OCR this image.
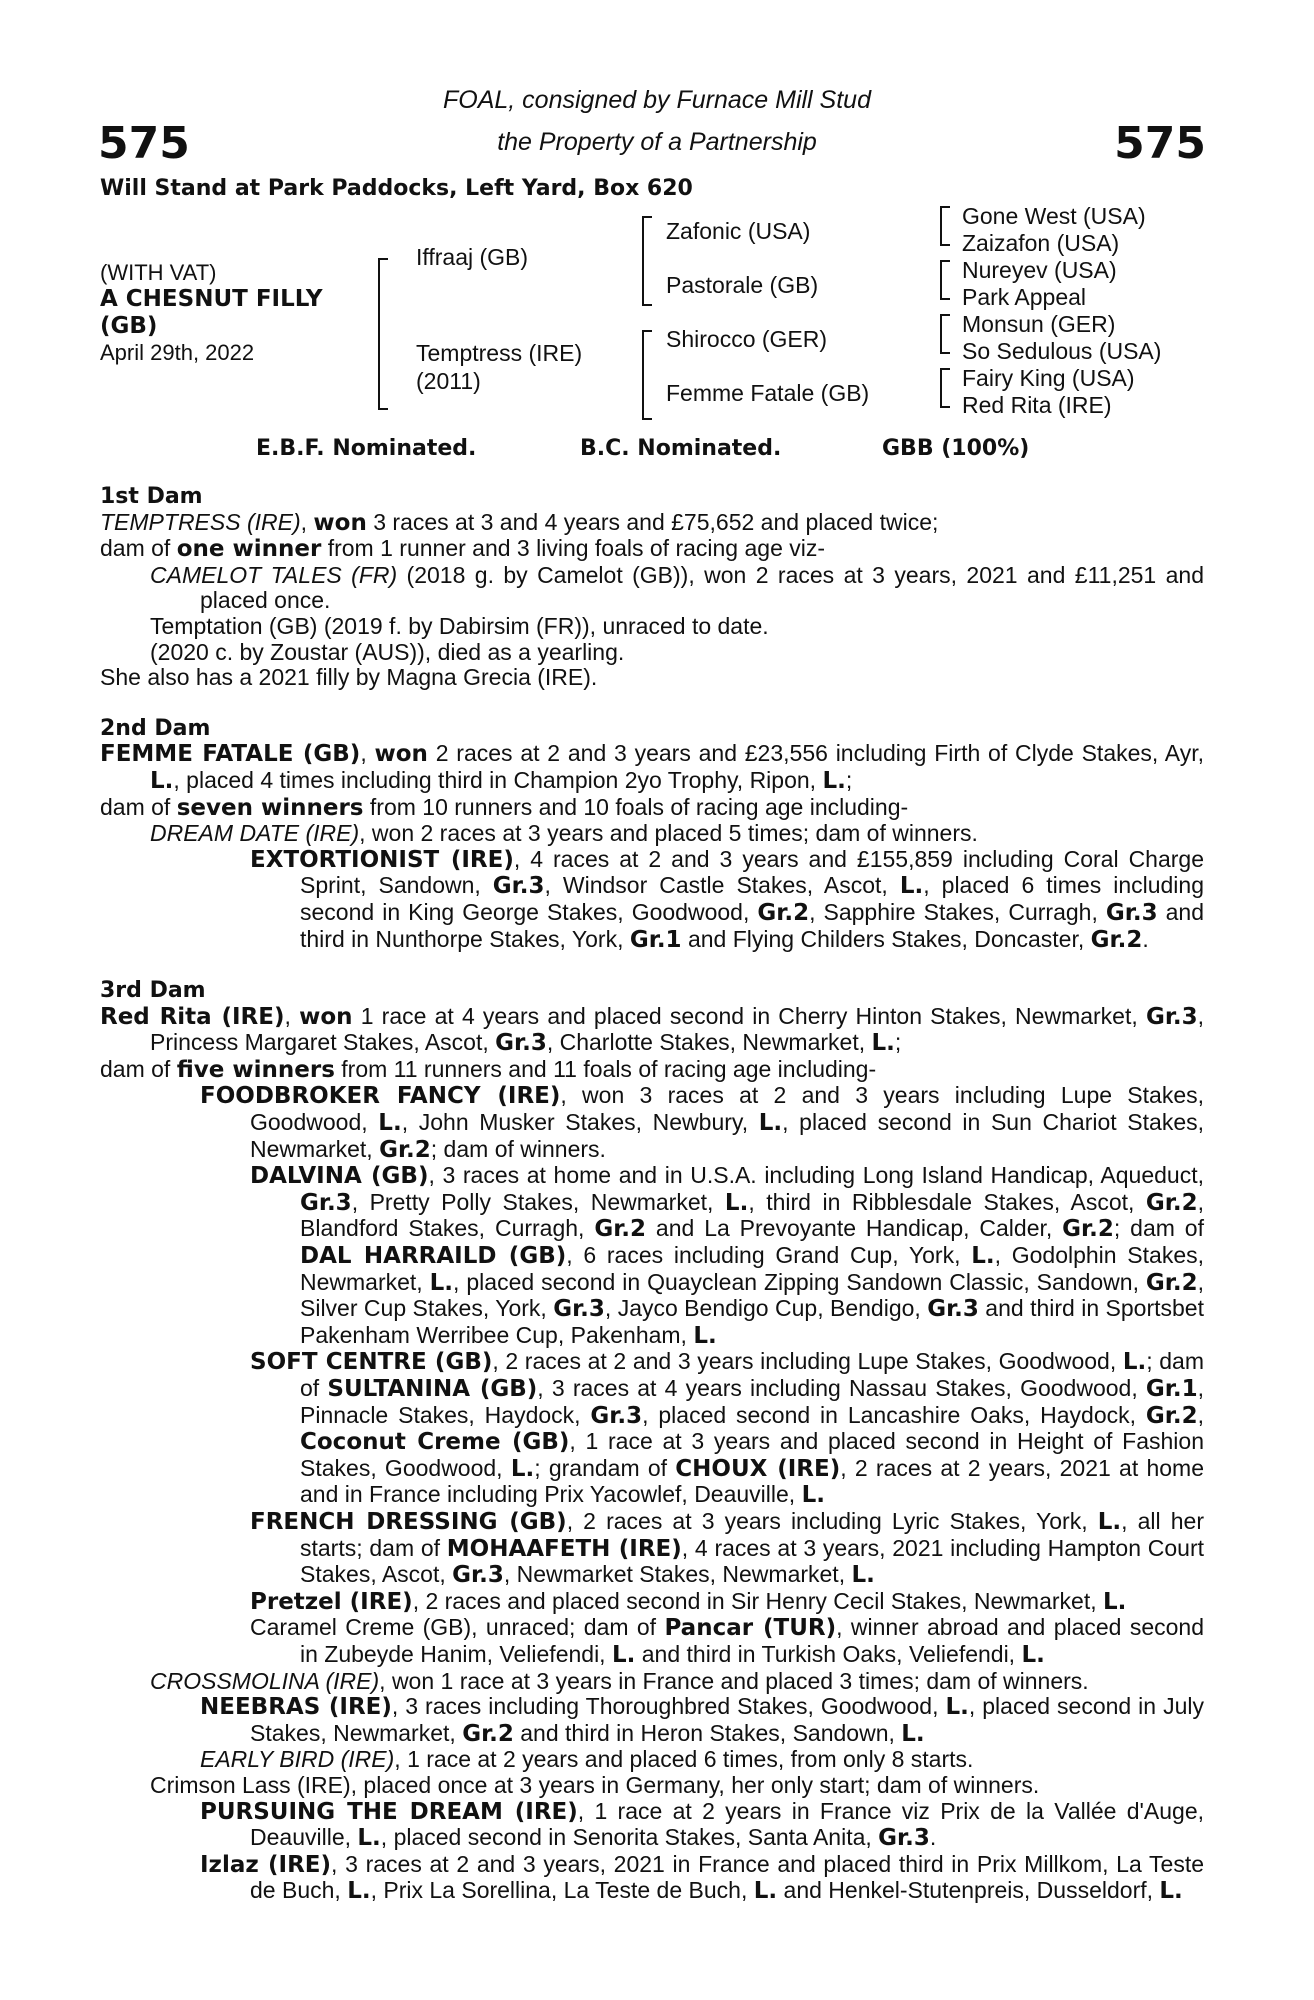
575	575
FOAL, consigned by Furnace Mill Stud
the Property of a Partnership
Will Stand at Park Paddocks, Left Yard, Box 620
(WITH VAT)
A CHESNUT FILLY
(GB)
April 29th, 2022
Iffraaj (GB)
Temptress (IRE)
(2011)
Zafonic (USA)
Pastorale (GB)
Shirocco (GER)
Femme Fatale (GB)
Gone West (USA)
Zaizafon (USA)
Nureyev (USA)
Park Appeal
Monsun (GER)
So Sedulous (USA)
Fairy King (USA)
Red Rita (IRE)
E.B.F. Nominated.	B.C. Nominated.	GBB (100%)
1st Dam

TEMPTRESS (IRE), won 3 races at 3 and 4 years and £75,652 and placed twice;

dam of one winner from 1 runner and 3 living foals of racing age viz-

CAMELOT TALES (FR) (2018 g. by Camelot (GB)), won 2 races at 3 years, 2021 and £11,251 and placed once.

Temptation (GB) (2019 f. by Dabirsim (FR)), unraced to date.

(2020 c. by Zoustar (AUS)), died as a yearling.

She also has a 2021 filly by Magna Grecia (IRE).

2nd Dam

FEMME FATALE (GB), won 2 races at 2 and 3 years and £23,556 including Firth of Clyde Stakes, Ayr, L., placed 4 times including third in Champion 2yo Trophy, Ripon, L.;

dam of seven winners from 10 runners and 10 foals of racing age including-

DREAM DATE (IRE), won 2 races at 3 years and placed 5 times; dam of winners.

EXTORTIONIST (IRE), 4 races at 2 and 3 years and £155,859 including Coral Charge Sprint, Sandown, Gr.3, Windsor Castle Stakes, Ascot, L., placed 6 times including second in King George Stakes, Goodwood, Gr.2, Sapphire Stakes, Curragh, Gr.3 and third in Nunthorpe Stakes, York, Gr.1 and Flying Childers Stakes, Doncaster, Gr.2.

3rd Dam

Red Rita (IRE), won 1 race at 4 years and placed second in Cherry Hinton Stakes, Newmarket, Gr.3, Princess Margaret Stakes, Ascot, Gr.3, Charlotte Stakes, Newmarket, L.;

dam of five winners from 11 runners and 11 foals of racing age including-

FOODBROKER FANCY (IRE), won 3 races at 2 and 3 years including Lupe Stakes, Goodwood, L., John Musker Stakes, Newbury, L., placed second in Sun Chariot Stakes, Newmarket, Gr.2; dam of winners.

DALVINA (GB), 3 races at home and in U.S.A. including Long Island Handicap, Aqueduct, Gr.3, Pretty Polly Stakes, Newmarket, L., third in Ribblesdale Stakes, Ascot, Gr.2, Blandford Stakes, Curragh, Gr.2 and La Prevoyante Handicap, Calder, Gr.2; dam of DAL HARRAILD (GB), 6 races including Grand Cup, York, L., Godolphin Stakes, Newmarket, L., placed second in Quayclean Zipping Sandown Classic, Sandown, Gr.2, Silver Cup Stakes, York, Gr.3, Jayco Bendigo Cup, Bendigo, Gr.3 and third in Sportsbet Pakenham Werribee Cup, Pakenham, L.

SOFT CENTRE (GB), 2 races at 2 and 3 years including Lupe Stakes, Goodwood, L.; dam of SULTANINA (GB), 3 races at 4 years including Nassau Stakes, Goodwood, Gr.1, Pinnacle Stakes, Haydock, Gr.3, placed second in Lancashire Oaks, Haydock, Gr.2, Coconut Creme (GB), 1 race at 3 years and placed second in Height of Fashion Stakes, Goodwood, L.; grandam of CHOUX (IRE), 2 races at 2 years, 2021 at home and in France including Prix Yacowlef, Deauville, L.

FRENCH DRESSING (GB), 2 races at 3 years including Lyric Stakes, York, L., all her starts; dam of MOHAAFETH (IRE), 4 races at 3 years, 2021 including Hampton Court Stakes, Ascot, Gr.3, Newmarket Stakes, Newmarket, L.

Pretzel (IRE), 2 races and placed second in Sir Henry Cecil Stakes, Newmarket, L.

Caramel Creme (GB), unraced; dam of Pancar (TUR), winner abroad and placed second in Zubeyde Hanim, Veliefendi, L. and third in Turkish Oaks, Veliefendi, L.

CROSSMOLINA (IRE), won 1 race at 3 years in France and placed 3 times; dam of winners.

NEEBRAS (IRE), 3 races including Thoroughbred Stakes, Goodwood, L., placed second in July Stakes, Newmarket, Gr.2 and third in Heron Stakes, Sandown, L.

EARLY BIRD (IRE), 1 race at 2 years and placed 6 times, from only 8 starts.

Crimson Lass (IRE), placed once at 3 years in Germany, her only start; dam of winners.

PURSUING THE DREAM (IRE), 1 race at 2 years in France viz Prix de la Vallée d'Auge, Deauville, L., placed second in Senorita Stakes, Santa Anita, Gr.3.

Izlaz (IRE), 3 races at 2 and 3 years, 2021 in France and placed third in Prix Millkom, La Teste de Buch, L., Prix La Sorellina, La Teste de Buch, L. and Henkel-Stutenpreis, Dusseldorf, L.
